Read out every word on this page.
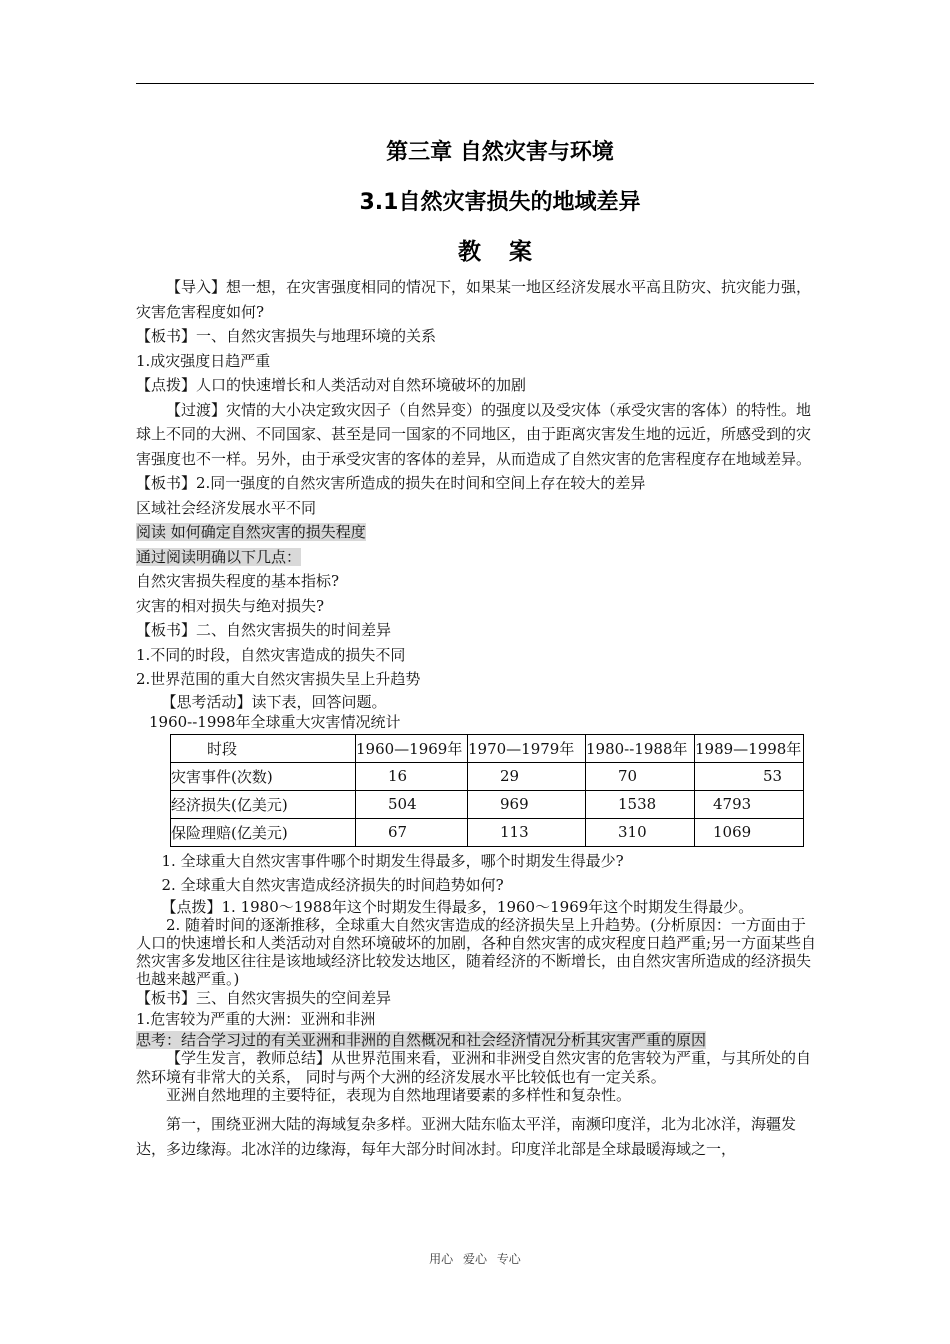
第三章 自然灾害与环境
3.1自然灾害损失的地域差异
教 案

【导入】想一想，在灾害强度相同的情况下，如果某一地区经济发展水平高且防灾、抗灾能力强，灾害危害程度如何?

【板书】一、自然灾害损失与地理环境的关系

1.成灾强度日趋严重

【点拨】人口的快速增长和人类活动对自然环境破坏的加剧

【过渡】灾情的大小决定致灾因子（自然异变）的强度以及受灾体（承受灾害的客体）的特性。地球上不同的大洲、不同国家、甚至是同一国家的不同地区，由于距离灾害发生地的远近，所感受到的灾害强度也不一样。另外，由于承受灾害的客体的差异，从而造成了自然灾害的危害程度存在地域差异。

【板书】2.同一强度的自然灾害所造成的损失在时间和空间上存在较大的差异

区域社会经济发展水平不同

阅读 如何确定自然灾害的损失程度

通过阅读明确以下几点：

自然灾害损失程度的基本指标?

灾害的相对损失与绝对损失?

【板书】二、自然灾害损失的时间差异

1.不同的时段，自然灾害造成的损失不同

2.世界范围的重大自然灾害损失呈上升趋势

【思考活动】读下表，回答问题。

1960--1998年全球重大灾害情况统计

时段	1960—1969年	1970—1979年	1980--1988年	1989—1998年
灾害事件(次数)	16	29	70	53
经济损失(亿美元)	504	969	1538	4793
保险理赔(亿美元)	67	113	310	1069

1. 全球重大自然灾害事件哪个时期发生得最多，哪个时期发生得最少?

2. 全球重大自然灾害造成经济损失的时间趋势如何?

【点拨】1. 1980～1988年这个时期发生得最多，1960～1969年这个时期发生得最少。

2. 随着时间的逐渐推移，全球重大自然灾害造成的经济损失呈上升趋势。(分析原因：一方面由于人口的快速增长和人类活动对自然环境破坏的加剧，各种自然灾害的成灾程度日趋严重;另一方面某些自然灾害多发地区往往是该地域经济比较发达地区，随着经济的不断增长，由自然灾害所造成的经济损失也越来越严重。)

【板书】三、自然灾害损失的空间差异

1.危害较为严重的大洲：亚洲和非洲

思考：结合学习过的有关亚洲和非洲的自然概况和社会经济情况分析其灾害严重的原因

【学生发言，教师总结】从世界范围来看，亚洲和非洲受自然灾害的危害较为严重，与其所处的自然环境有非常大的关系， 同时与两个大洲的经济发展水平比较低也有一定关系。

亚洲自然地理的主要特征，表现为自然地理诸要素的多样性和复杂性。

第一，围绕亚洲大陆的海域复杂多样。亚洲大陆东临太平洋，南濒印度洋，北为北冰洋，海疆发达，多边缘海。北冰洋的边缘海，每年大部分时间冰封。印度洋北部是全球最暖海域之一，

用心 爱心 专心
